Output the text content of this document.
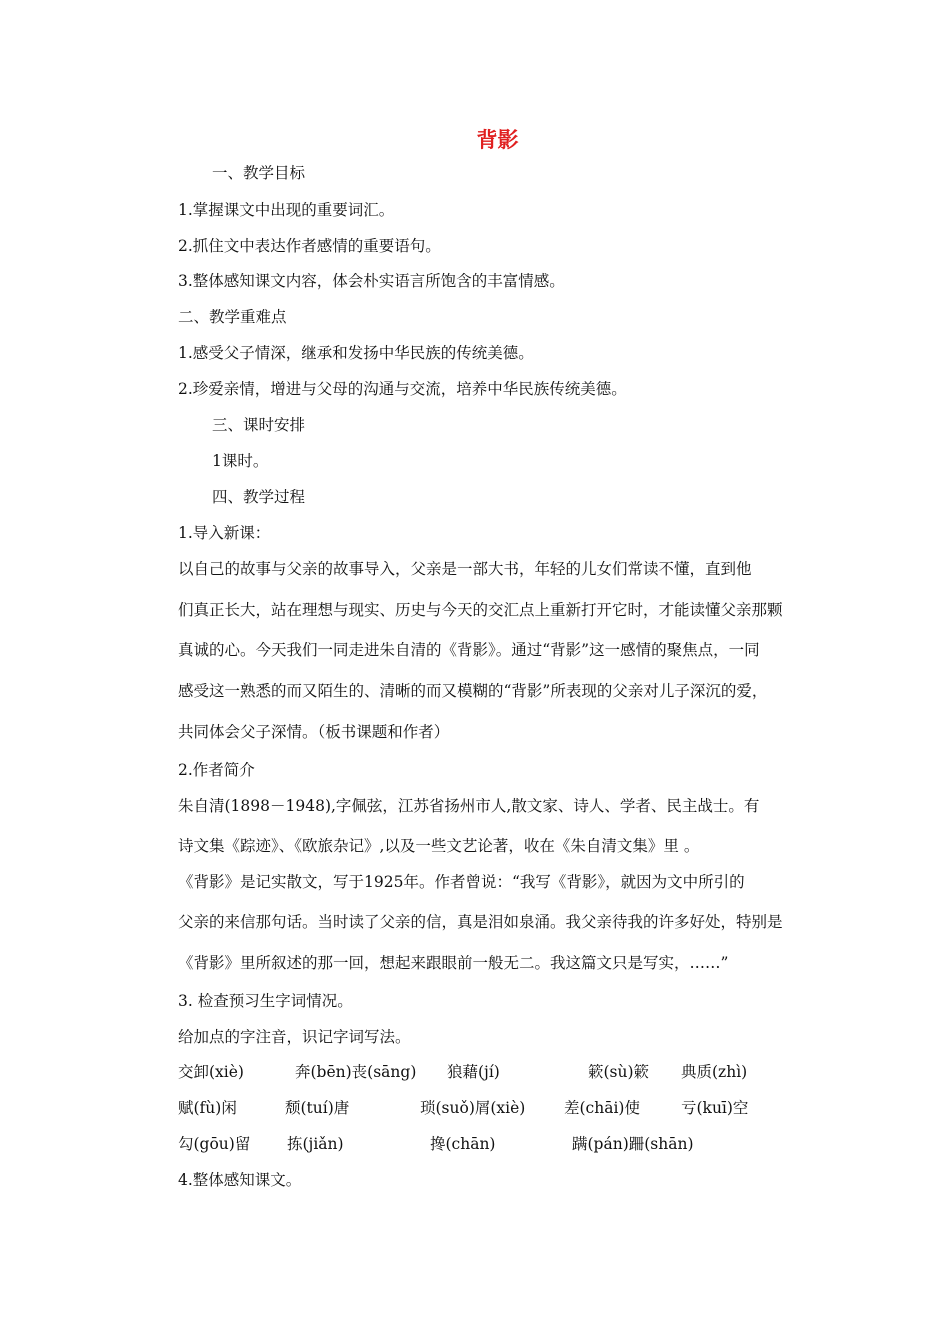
背影
一、教学目标
1.掌握课文中出现的重要词汇。
2.抓住文中表达作者感情的重要语句。
3.整体感知课文内容，体会朴实语言所饱含的丰富情感。
二、教学重难点
1.感受父子情深，继承和发扬中华民族的传统美德。
2.珍爱亲情，增进与父母的沟通与交流，培养中华民族传统美德。
三、课时安排
1课时。
四、教学过程
1.导入新课：
以自己的故事与父亲的故事导入，父亲是一部大书，年轻的儿女们常读不懂，直到他
们真正长大，站在理想与现实、历史与今天的交汇点上重新打开它时，才能读懂父亲那颗
真诚的心。今天我们一同走进朱自清的《背影》。通过“背影”这一感情的聚焦点，一同
感受这一熟悉的而又陌生的、清晰的而又模糊的“背影”所表现的父亲对儿子深沉的爱，
共同体会父子深情。（板书课题和作者）
2.作者简介
朱自清(1898－1948),字佩弦，江苏省扬州市人,散文家、诗人、学者、民主战士。有
诗文集《踪迹》、《欧旅杂记》,以及一些文艺论著，收在《朱自清文集》里 。
《背影》是记实散文，写于1925年。作者曾说：“我写《背影》，就因为文中所引的
父亲的来信那句话。当时读了父亲的信，真是泪如泉涌。我父亲待我的许多好处，特别是
《背影》里所叙述的那一回，想起来跟眼前一般无二。我这篇文只是写实，……”
3. 检查预习生字词情况。
给加点的字注音，识记字词写法。
交卸(xiè)	奔(bēn)丧(sāng) 狼藉(jí)	簌(sù)簌 典质(zhì)
赋(fù)闲	颓(tuí)唐	琐(suǒ)屑(xiè) 差(chāi)使	亏(kuī)空
勾(gōu)留 拣(jiǎn)	搀(chān)	蹒(pán)跚(shān)
4.整体感知课文。
